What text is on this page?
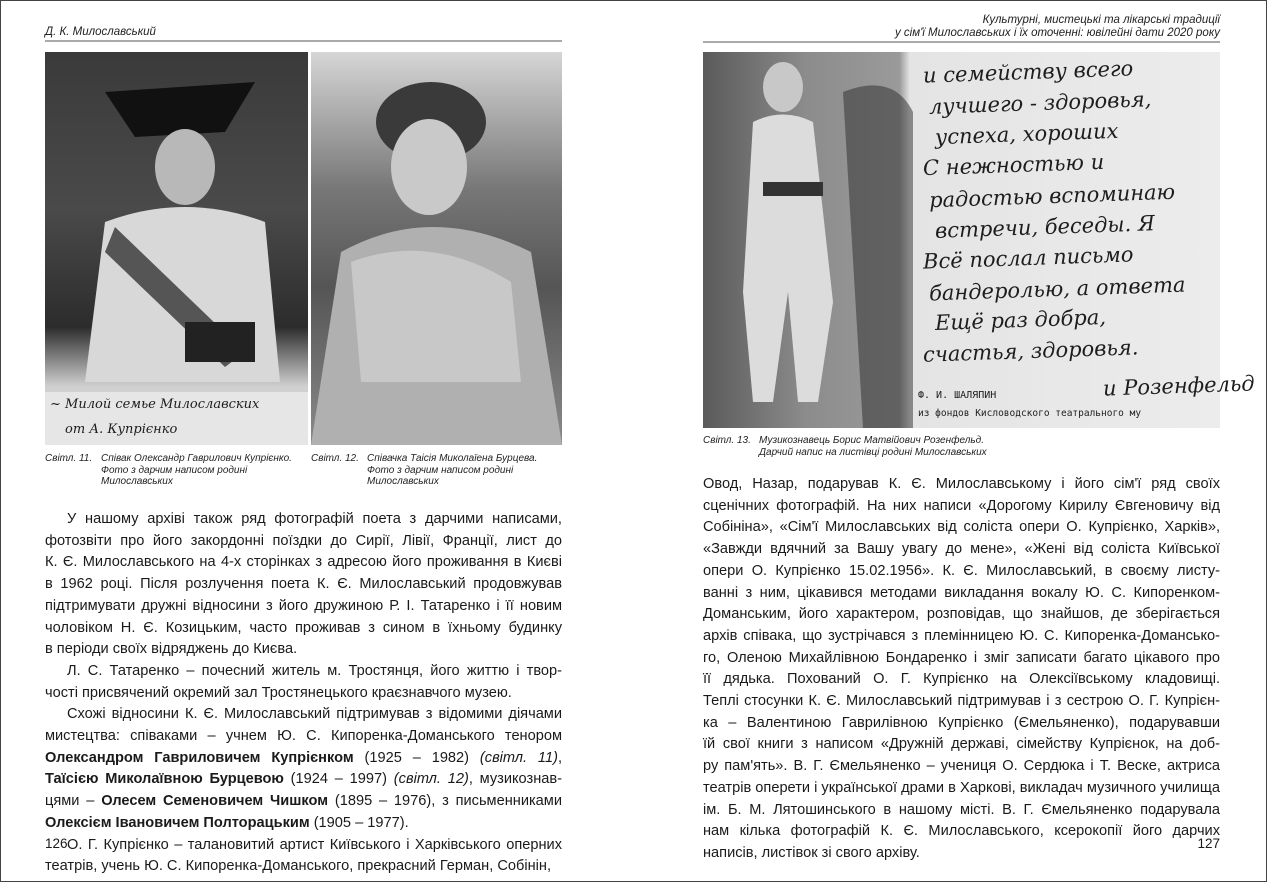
Д. К. Милославський
~ Милой семье Милославских
от А. Купрієнко
Світл. 11. Співак Олександр Гаврилович Купрієнко.
Фото з дарчим написом родині
Милославських
Світл. 12. Співачка Таісія Миколаїена Бурцева.
Фото з дарчим написом родині
Милославських
У нашому архіві також ряд фотографій поета з дарчими написами,
фотозвіти про його закордонні поїздки до Сирії, Лівії, Франції, лист до
К. Є. Милославського на 4-х сторінках з адресою його проживання в Києві
в 1962 році. Після розлучення поета К. Є. Милославський продовжував
підтримувати дружні відносини з його дружиною Р. І. Татаренко і її новим
чоловіком Н. Є. Козицьким, часто проживав з сином в їхньому будинку
в періоди своїх відряджень до Києва.
Л. С. Татаренко – почесний житель м. Тростянця, його життю і твор-
чості присвячений окремий зал Тростянецького краєзнавчого музею.
Схожі відносини К. Є. Милославський підтримував з відомими діячами
мистецтва: співаками – учнем Ю. С. Кипоренка-Доманського тенором
Олександром Гавриловичем Купрієнком (1925 – 1982) (світл. 11),
Таїсією Миколаївною Бурцевою (1924 – 1997) (світл. 12), музикознав-
цями – Олесем Семеновичем Чишком (1895 – 1976), з письменниками
Олексієм Івановичем Полторацьким (1905 – 1977).
О. Г. Купрієнко – талановитий артист Київського і Харківського оперних
театрів, учень Ю. С. Кипоренка-Доманського, прекрасний Герман, Собінін,
126
Культурні, мистецькі та лікарські традиції
у сім'ї Милославських і їх оточенні: ювілейні дати 2020 року
и семейству всего
лучшего - здоровья,
успеха, хороших
С нежностью и
радостью вспоминаю
встречи, беседы. Я
Всё послал письмо
бандеролью, а ответа
Ещё раз добра,
счастья, здоровья.
и Розенфельд
Ф. И. ШАЛЯПИН
из фондов Кисловодского театрального му
Світл. 13. Музикознавець Борис Матвійович Розенфельд.
Дарчий напис на листівці родині Милославських
Овод, Назар, подарував К. Є. Милославському і його сім'ї ряд своїх
сценічних фотографій. На них написи «Дорогому Кирилу Євгеновичу від
Собініна», «Сім'ї Милославських від соліста опери О. Купрієнко, Харків»,
«Завжди вдячний за Вашу увагу до мене», «Жені від соліста Київської
опери О. Купрієнко 15.02.1956». К. Є. Милославський, в своєму листу-
ванні з ним, цікавився методами викладання вокалу Ю. С. Кипоренком-
Доманським, його характером, розповідав, що знайшов, де зберігається
архів співака, що зустрічався з племінницею Ю. С. Кипоренка-Домансько-
го, Оленою Михайлівною Бондаренко і зміг записати багато цікавого про
її дядька. Похований О. Г. Купрієнко на Олексіївському кладовищі.
Теплі стосунки К. Є. Милославський підтримував і з сестрою О. Г. Купрієн-
ка – Валентиною Гаврилівною Купрієнко (Ємельяненко), подарувавши
їй свої книги з написом «Дружній державі, сімейству Купрієнок, на доб-
ру пам'ять». В. Г. Ємельяненко – учениця О. Сердюка і Т. Веске, актриса
театрів оперети і української драми в Харкові, викладач музичного училища
ім. Б. М. Лятошинського в нашому місті. В. Г. Ємельяненко подарувала
нам кілька фотографій К. Є. Милославського, ксерокопії його дарчих
написів, листівок зі свого архіву.
127
